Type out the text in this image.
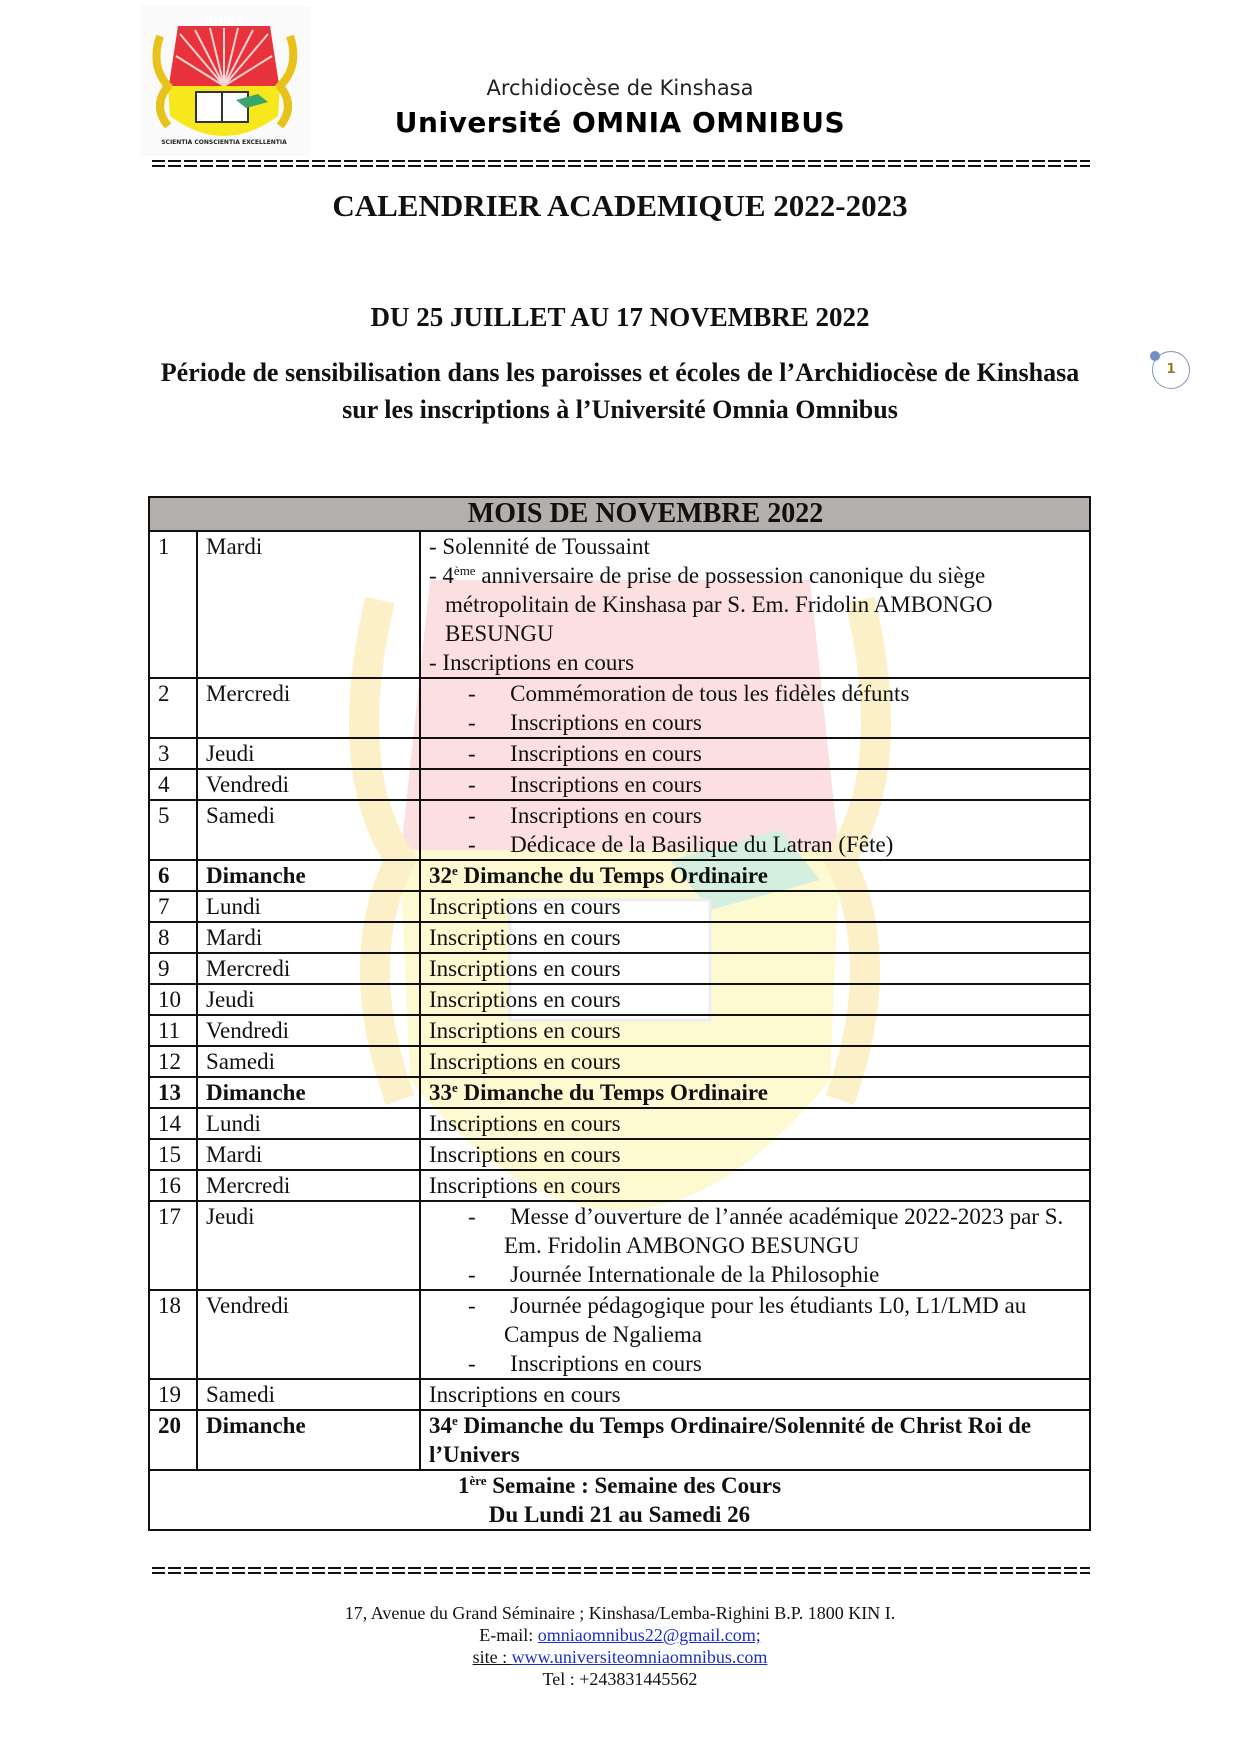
OMNIA
SCIENTIA CONSCIENTIA EXCELLENTIA
Archidiocèse de Kinshasa
Université OMNIA OMNIBUS
CALENDRIER ACADEMIQUE 2022-2023
DU 25 JUILLET AU 17 NOVEMBRE 2022
Période de sensibilisation dans les paroisses et écoles de l’Archidiocèse de Kinshasa sur les inscriptions à l’Université Omnia Omnibus
1
MOIS DE NOVEMBRE 2022		
1	Mardi	- Solennité de Toussaint
- 4ème anniversaire de prise de possession canonique du siège métropolitain de Kinshasa par S. Em. Fridolin AMBONGO BESUNGU
- Inscriptions en cours

2	Mercredi	-      Commémoration de tous les fidèles défunts
-      Inscriptions en cours

3	Jeudi	-      Inscriptions en cours

4	Vendredi	-      Inscriptions en cours

5	Samedi	-      Inscriptions en cours
-      Dédicace de la Basilique du Latran (Fête)

6	Dimanche	32e Dimanche du Temps Ordinaire

7	Lundi	Inscriptions en cours

8	Mardi	Inscriptions en cours

9	Mercredi	Inscriptions en cours

10	Jeudi	Inscriptions en cours

11	Vendredi	Inscriptions en cours

12	Samedi	Inscriptions en cours

13	Dimanche	33e Dimanche du Temps Ordinaire

14	Lundi	Inscriptions en cours

15	Mardi	Inscriptions en cours

16	Mercredi	Inscriptions en cours

17	Jeudi	-      Messe d’ouverture de l’année académique 2022-2023 par S. Em. Fridolin AMBONGO BESUNGU
-      Journée Internationale de la Philosophie

18	Vendredi	-      Journée pédagogique pour les étudiants L0, L1/LMD au Campus de Ngaliema
-      Inscriptions en cours

19	Samedi	Inscriptions en cours

20	Dimanche	34e Dimanche du Temps Ordinaire/Solennité de Christ Roi de l’Univers

1ère Semaine : Semaine des Cours
Du Lundi 21 au Samedi 26		
17, Avenue du Grand Séminaire ; Kinshasa/Lemba-Righini B.P. 1800 KIN I.
E-mail: omniaomnibus22@gmail.com;
site : www.universiteomniaomnibus.com
Tel : +243831445562
